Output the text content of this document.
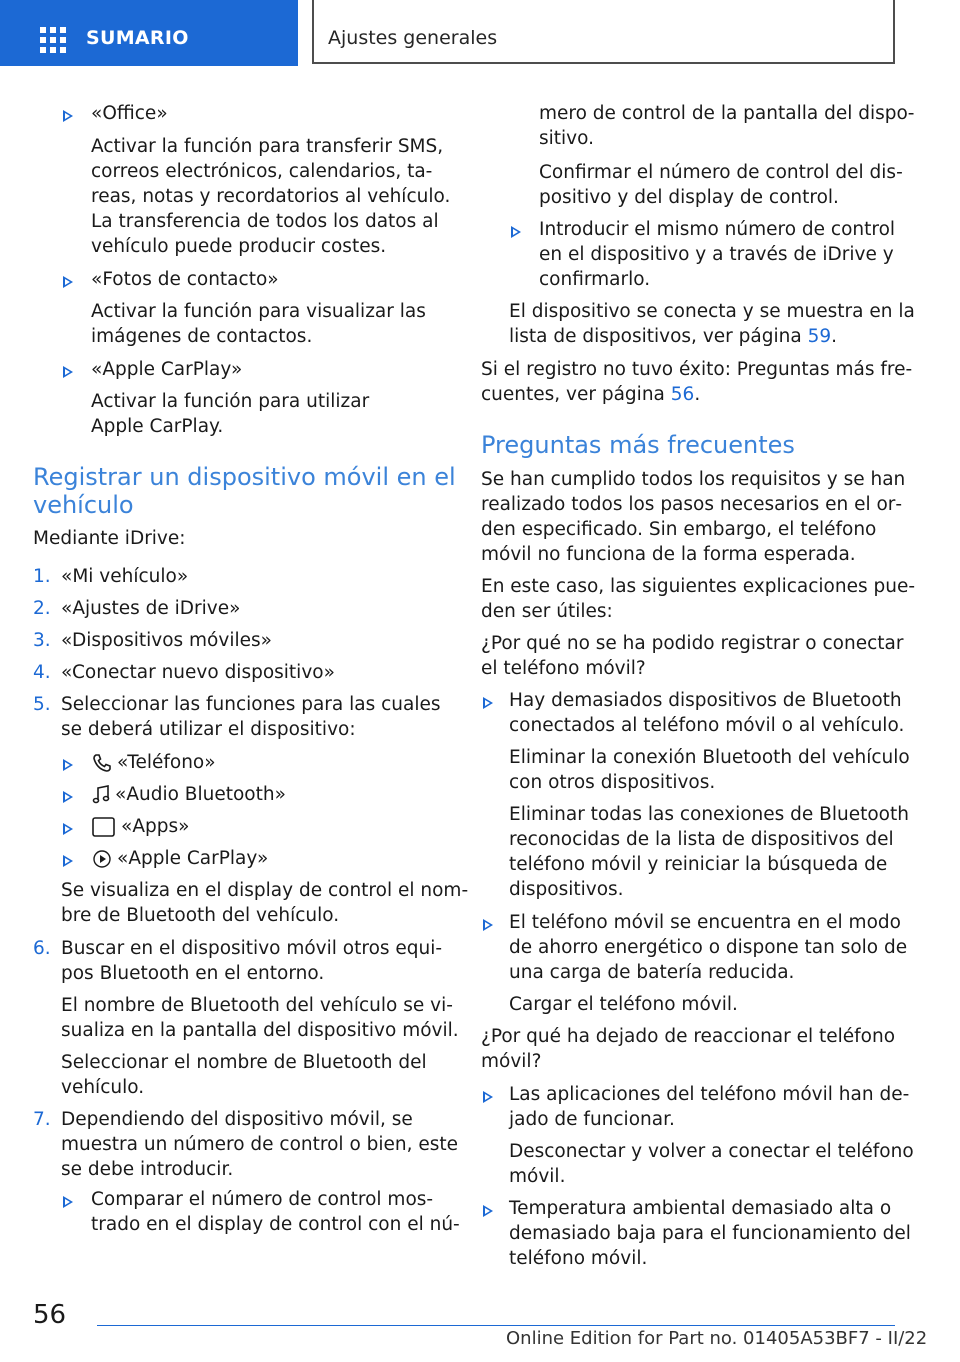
SUMARIO	Ajustes generales

«Office»

Activar la función para transferir SMS,

correos electrónicos, calendarios, ta‐

reas, notas y recordatorios al vehículo.

La transferencia de todos los datos al

vehículo puede producir costes.

«Fotos de contacto»

Activar la función para visualizar las

imágenes de contactos.

«Apple CarPlay»

Activar la función para utilizar

Apple CarPlay.

Registrar un dispositivo móvil en el
vehículo

Mediante iDrive:

1. «Mi vehículo»

2. «Ajustes de iDrive»

3. «Dispositivos móviles»

4. «Conectar nuevo dispositivo»

5. Seleccionar las funciones para las cuales

se deberá utilizar el dispositivo:

«Teléfono»

«Audio Bluetooth»

«Apps»

«Apple CarPlay»

Se visualiza en el display de control el nom‐

bre de Bluetooth del vehículo.

6. Buscar en el dispositivo móvil otros equi‐

pos Bluetooth en el entorno.

El nombre de Bluetooth del vehículo se vi‐

sualiza en la pantalla del dispositivo móvil.

Seleccionar el nombre de Bluetooth del

vehículo.

7. Dependiendo del dispositivo móvil, se

muestra un número de control o bien, este

se debe introducir.

Comparar el número de control mos‐

trado en el display de control con el nú‐

mero de control de la pantalla del dispo‐

sitivo.

Confirmar el número de control del dis‐

positivo y del display de control.

Introducir el mismo número de control

en el dispositivo y a través de iDrive y

confirmarlo.

El dispositivo se conecta y se muestra en la

lista de dispositivos, ver página 59.

Si el registro no tuvo éxito: Preguntas más fre‐

cuentes, ver página 56.

Preguntas más frecuentes

Se han cumplido todos los requisitos y se han

realizado todos los pasos necesarios en el or‐

den especificado. Sin embargo, el teléfono

móvil no funciona de la forma esperada.

En este caso, las siguientes explicaciones pue‐

den ser útiles:

¿Por qué no se ha podido registrar o conectar

el teléfono móvil?

Hay demasiados dispositivos de Bluetooth

conectados al teléfono móvil o al vehículo.

Eliminar la conexión Bluetooth del vehículo

con otros dispositivos.

Eliminar todas las conexiones de Bluetooth

reconocidas de la lista de dispositivos del

teléfono móvil y reiniciar la búsqueda de

dispositivos.

El teléfono móvil se encuentra en el modo

de ahorro energético o dispone tan solo de

una carga de batería reducida.

Cargar el teléfono móvil.

¿Por qué ha dejado de reaccionar el teléfono

móvil?

Las aplicaciones del teléfono móvil han de‐

jado de funcionar.

Desconectar y volver a conectar el teléfono

móvil.

Temperatura ambiental demasiado alta o

demasiado baja para el funcionamiento del

teléfono móvil.

56
Online Edition for Part no. 01405A53BF7 - II/22
